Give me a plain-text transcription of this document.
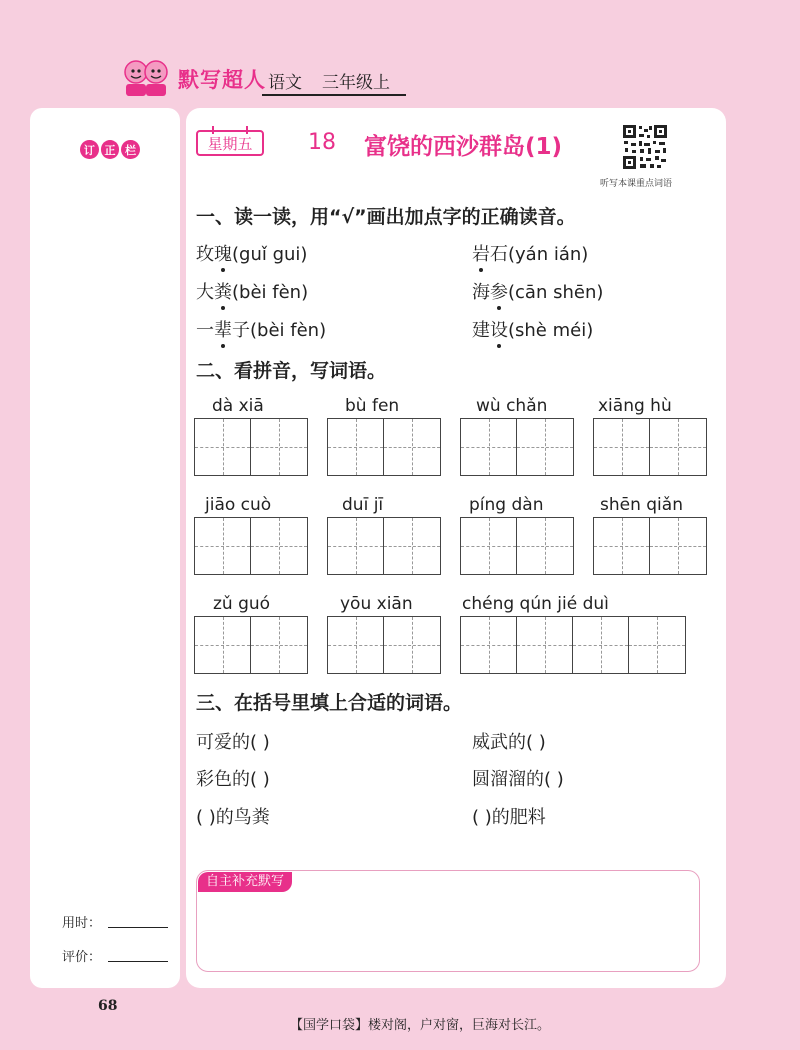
默写超人 语文 三年级上
订 正 栏
用时：
评价：
星期五	18 富饶的西沙群岛(1)
听写本课重点词语
一、读一读，用“√”画出加点字的正确读音。
玫瑰(guǐ gui)	岩石(yán ián)
大粪(bèi fèn)	海参(cān shēn)
一辈子(bèi fèn)	建设(shè méi)
二、看拼音，写词语。
dà xiā	bù fen	wù chǎn	xiāng hù
jiāo cuò	duī jī	píng dàn	shēn qiǎn
zǔ guó	yōu xiān	chéng qún jié duì
三、在括号里填上合适的词语。
可爱的( )	威武的( )
彩色的( )	圆溜溜的( )
( )的鸟粪	( )的肥料
自主补充默写
68
【国学口袋】楼对阁，户对窗，巨海对长江。
